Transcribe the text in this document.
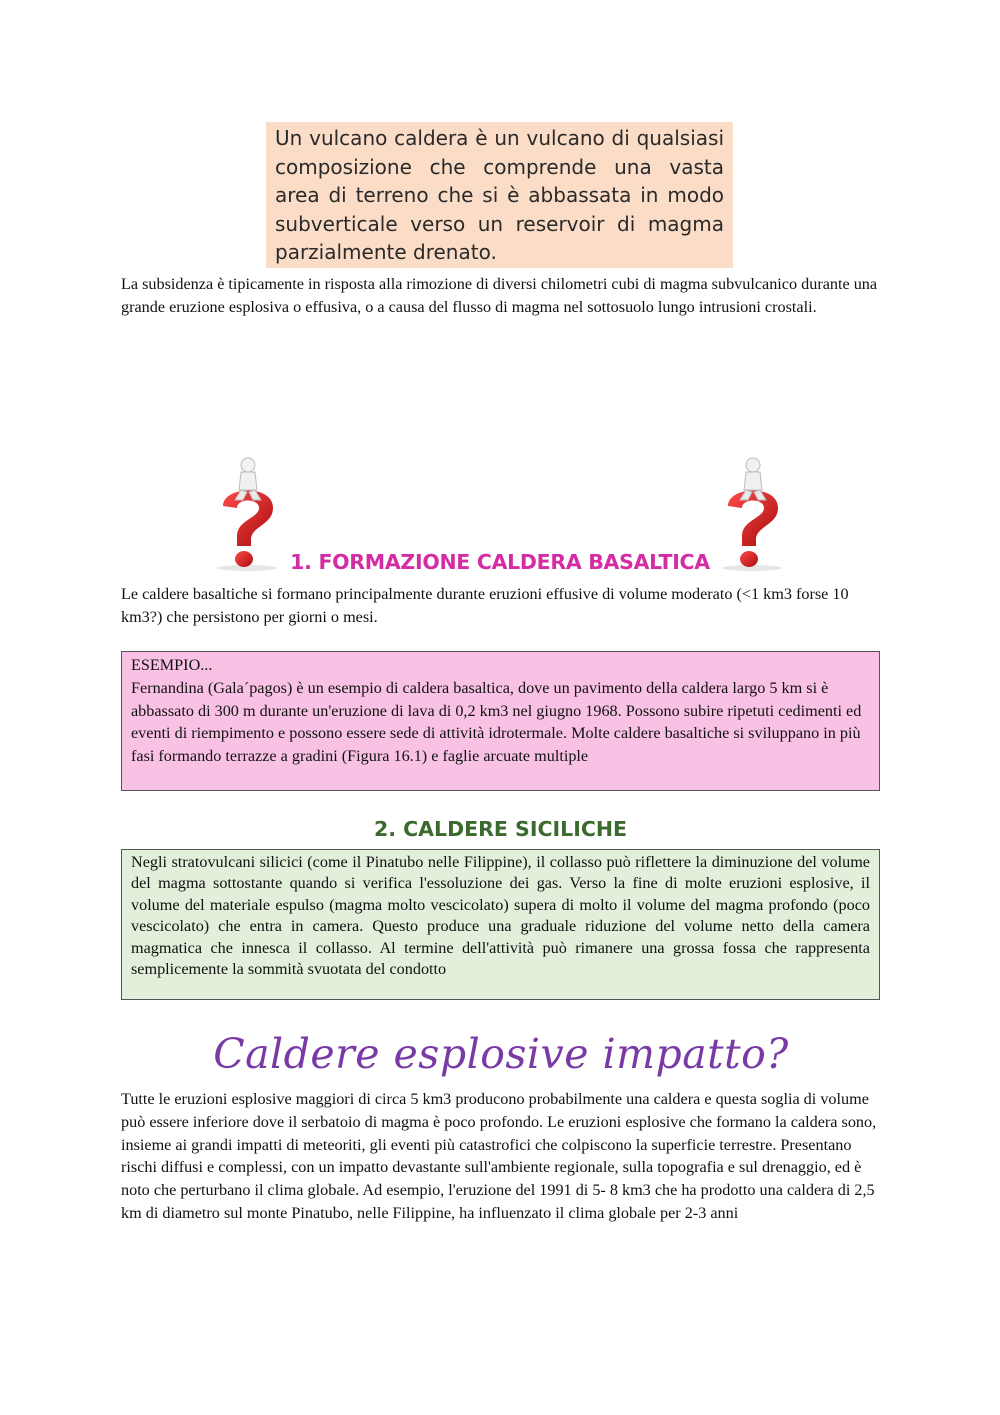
Un vulcano caldera è un vulcano di qualsiasi composizione che comprende una vasta area di terreno che si è abbassata in modo subverticale verso un reservoir di magma parzialmente drenato.
La subsidenza è tipicamente in risposta alla rimozione di diversi chilometri cubi di magma subvulcanico durante una grande eruzione esplosiva o effusiva, o a causa del flusso di magma nel sottosuolo lungo intrusioni crostali.
1. FORMAZIONE CALDERA BASALTICA
Le caldere basaltiche si formano principalmente durante eruzioni effusive di volume moderato (<1 km3 forse 10 km3?) che persistono per giorni o mesi.
ESEMPIO...
Fernandina (Gala´pagos) è un esempio di caldera basaltica, dove un pavimento della caldera largo 5 km si è abbassato di 300 m durante un'eruzione di lava di 0,2 km3 nel giugno 1968. Possono subire ripetuti cedimenti ed eventi di riempimento e possono essere sede di attività idrotermale. Molte caldere basaltiche si sviluppano in più fasi formando terrazze a gradini (Figura 16.1) e faglie arcuate multiple
2. CALDERE SICILICHE
Negli stratovulcani silicici (come il Pinatubo nelle Filippine), il collasso può riflettere la diminuzione del volume del magma sottostante quando si verifica l'essoluzione dei gas. Verso la fine di molte eruzioni esplosive, il volume del materiale espulso (magma molto vescicolato) supera di molto il volume del magma profondo (poco vescicolato) che entra in camera. Questo produce una graduale riduzione del volume netto della camera magmatica che innesca il collasso. Al termine dell'attività può rimanere una grossa fossa che rappresenta semplicemente la sommità svuotata del condotto
Caldere esplosive impatto?
Tutte le eruzioni esplosive maggiori di circa 5 km3 producono probabilmente una caldera e questa soglia di volume può essere inferiore dove il serbatoio di magma è poco profondo. Le eruzioni esplosive che formano la caldera sono, insieme ai grandi impatti di meteoriti, gli eventi più catastrofici che colpiscono la superficie terrestre. Presentano rischi diffusi e complessi, con un impatto devastante sull'ambiente regionale, sulla topografia e sul drenaggio, ed è noto che perturbano il clima globale. Ad esempio, l'eruzione del 1991 di 5- 8 km3 che ha prodotto una caldera di 2,5 km di diametro sul monte Pinatubo, nelle Filippine, ha influenzato il clima globale per 2-3 anni
